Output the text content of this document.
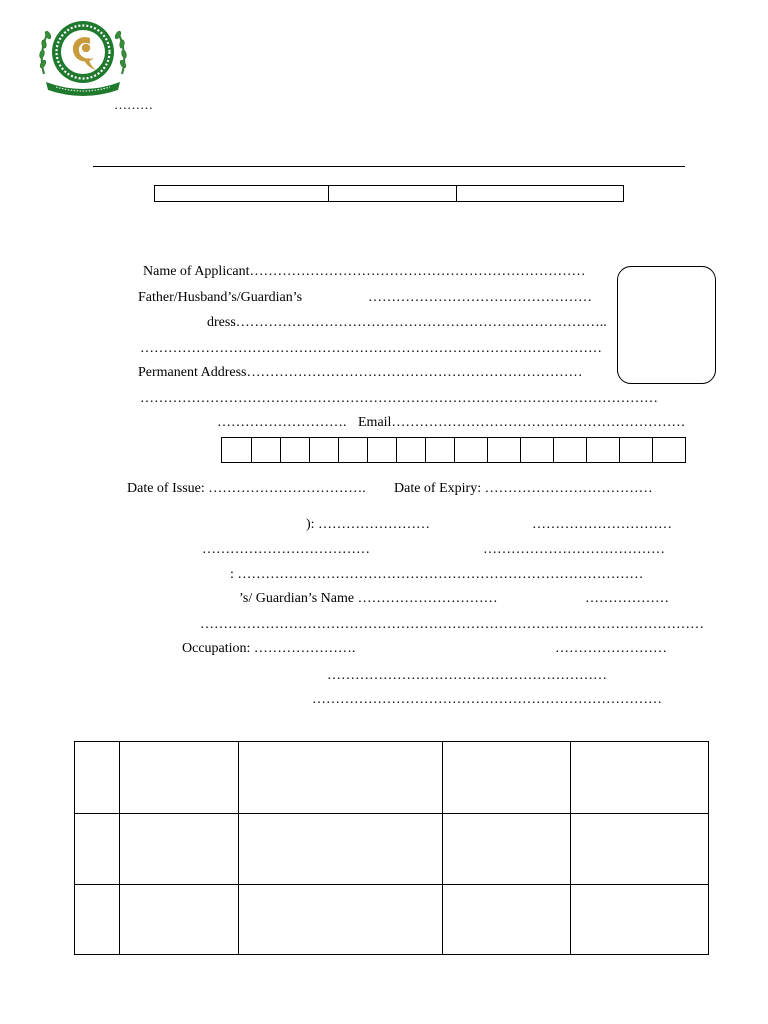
………
Name of Applicant………………………………………………………………
Father/Husband’s/Guardian’s	…………………………………………
dress……………………………………………………………………..
………………………………………………………………………………………
Permanent Address………………………………………………………………
…………………………………………………………………………………………………
………………………. Email………………………………………………………
Date of Issue: ……………………………. Date of Expiry: ………………………………
): ……………………	…………………………
………………………………	…………………………………
: ……………………………………………………………………………
’s/ Guardian’s Name …………………………	………………
………………………………………………………………………………………………
Occupation: ………………….	……………………
……………………………………………………
…………………………………………………………………
